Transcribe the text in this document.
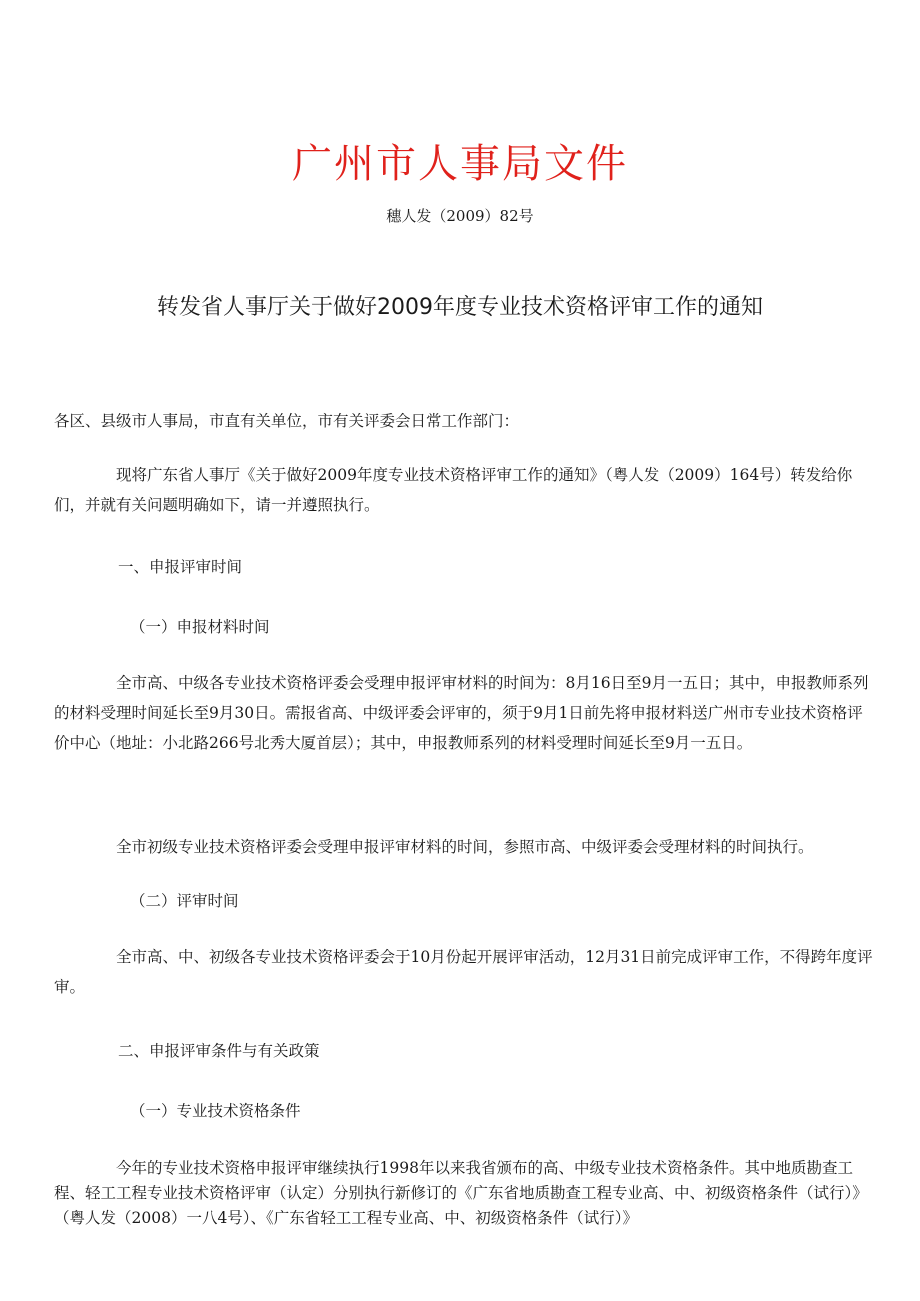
广州市人事局文件
穗人发（2009）82号
转发省人事厅关于做好2009年度专业技术资格评审工作的通知

各区、县级市人事局，市直有关单位，市有关评委会日常工作部门：

现将广东省人事厅《关于做好2009年度专业技术资格评审工作的通知》（粤人发（2009）164号）转发给你们，并就有关问题明确如下，请一并遵照执行。

一、申报评审时间

（一）申报材料时间

全市高、中级各专业技术资格评委会受理申报评审材料的时间为：8月16日至9月一五日；其中，申报教师系列的材料受理时间延长至9月30日。需报省高、中级评委会评审的，须于9月1日前先将申报材料送广州市专业技术资格评价中心（地址：小北路266号北秀大厦首层）；其中，申报教师系列的材料受理时间延长至9月一五日。

全市初级专业技术资格评委会受理申报评审材料的时间，参照市高、中级评委会受理材料的时间执行。

（二）评审时间

全市高、中、初级各专业技术资格评委会于10月份起开展评审活动，12月31日前完成评审工作，不得跨年度评审。

二、申报评审条件与有关政策

（一）专业技术资格条件

今年的专业技术资格申报评审继续执行1998年以来我省颁布的高、中级专业技术资格条件。其中地质勘查工程、轻工工程专业技术资格评审（认定）分别执行新修订的《广东省地质勘查工程专业高、中、初级资格条件（试行）》（粤人发（2008）一八4号）、《广东省轻工工程专业高、中、初级资格条件（试行）》
